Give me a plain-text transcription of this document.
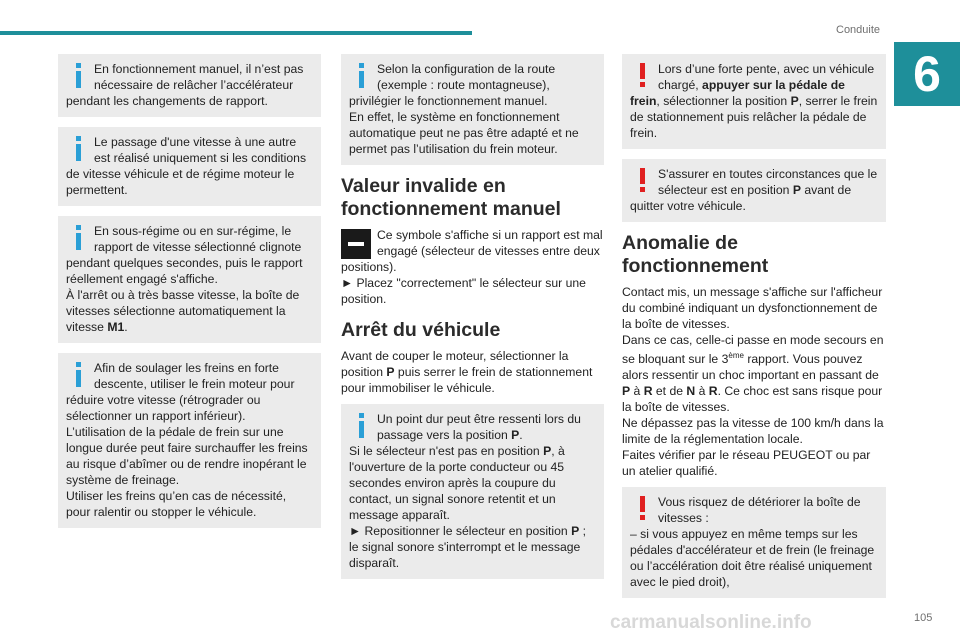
Conduite
6

En fonctionnement manuel, il n’est pas nécessaire de relâcher l’accélérateur pendant les changements de rapport.

Le passage d'une vitesse à une autre est réalisé uniquement si les conditions de vitesse véhicule et de régime moteur le permettent.

En sous-régime ou en sur-régime, le rapport de vitesse sélectionné clignote pendant quelques secondes, puis le rapport réellement engagé s'affiche.

À l'arrêt ou à très basse vitesse, la boîte de vitesses sélectionne automatiquement la vitesse M1.

Afin de soulager les freins en forte descente, utiliser le frein moteur pour réduire votre vitesse (rétrograder ou sélectionner un rapport inférieur).

L’utilisation de la pédale de frein sur une longue durée peut faire surchauffer les freins au risque d’abîmer ou de rendre inopérant le système de freinage.

Utiliser les freins qu’en cas de nécessité, pour ralentir ou stopper le véhicule.

Selon la configuration de la route (exemple : route montagneuse), privilégier le fonctionnement manuel.

En effet, le système en fonctionnement automatique peut ne pas être adapté et ne permet pas l’utilisation du frein moteur.

Valeur invalide en fonctionnement manuel

Ce symbole s'affiche si un rapport est mal engagé (sélecteur de vitesses entre deux positions).

► Placez "correctement" le sélecteur sur une position.

Arrêt du véhicule

Avant de couper le moteur, sélectionner la position P puis serrer le frein de stationnement pour immobiliser le véhicule.

Un point dur peut être ressenti lors du passage vers la position P.

Si le sélecteur n'est pas en position P, à l'ouverture de la porte conducteur ou 45 secondes environ après la coupure du contact, un signal sonore retentit et un message apparaît.

► Repositionner le sélecteur en position P ; le signal sonore s'interrompt et le message disparaît.

Lors d’une forte pente, avec un véhicule chargé, appuyer sur la pédale de frein, sélectionner la position P, serrer le frein de stationnement puis relâcher la pédale de frein.

S'assurer en toutes circonstances que le sélecteur est en position P avant de quitter votre véhicule.

Anomalie de fonctionnement

Contact mis, un message s'affiche sur l'afficheur du combiné indiquant un dysfonctionnement de la boîte de vitesses.

Dans ce cas, celle-ci passe en mode secours en se bloquant sur le 3ème rapport. Vous pouvez alors ressentir un choc important en passant de P à R et de N à R. Ce choc est sans risque pour la boîte de vitesses.

Ne dépassez pas la vitesse de 100 km/h dans la limite de la réglementation locale.

Faites vérifier par le réseau PEUGEOT ou par un atelier qualifié.

Vous risquez de détériorer la boîte de vitesses :

– si vous appuyez en même temps sur les pédales d'accélérateur et de frein (le freinage ou l’accélération doit être réalisé uniquement avec le pied droit),

carmanualsonline.info	105
